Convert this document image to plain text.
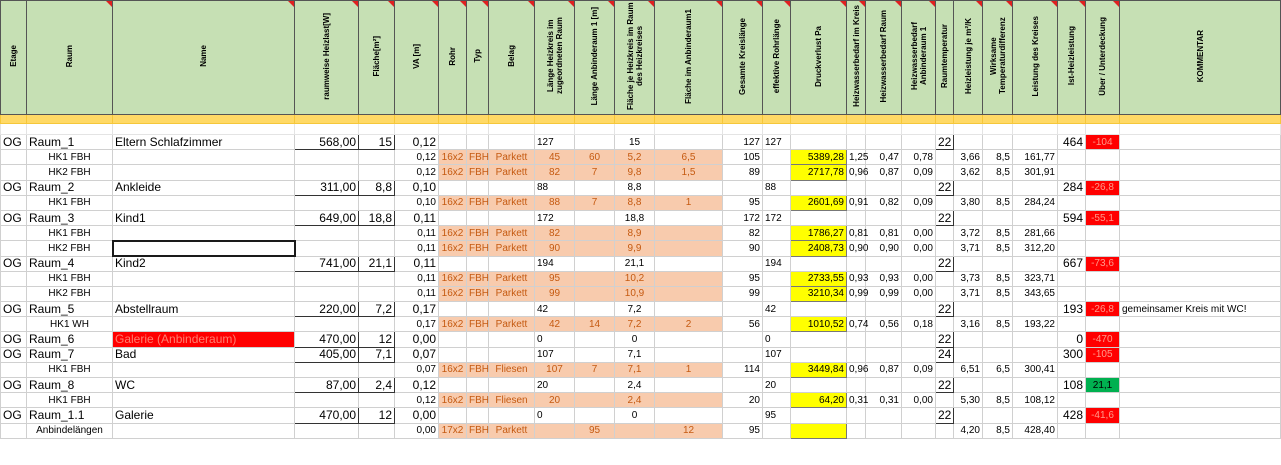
Etage	Raum	Name	raumweise Heizlast[W]	Fläche[m²]	VA [m]	Rohr	Typ	Belag	Länge Heizkreis im zugeordneten Raum	Länge Anbinderaum 1 [m]	Fläche je Heizkreis im Raum des Heizkreises	Fläche im Anbinderaum1	Gesamte Kreislänge	effektive Rohrlänge	Druckverlust Pa	Heizwasserbedarf im Kreis	Heizwasserbedarf Raum	Heizwasserbedarf Anbinderaum 1	Raumtemperatur	Heizleistung je m²/K	Wirksame Temperaturdifferenz	Leistung des Kreises	Ist-Heizleistung	Über / Unterdeckung	KOMMENTAR

OG	Raum_1	Eltern Schlafzimmer	568,00	15	0,12				127		15		127	127					22				464	-104	
	HK1 FBH				0,12	16x2	FBH	Parkett	45	60	5,2	6,5	105		5389,28	1,25	0,47	0,78		3,66	8,5	161,77			
	HK2 FBH				0,12	16x2	FBH	Parkett	82	7	9,8	1,5	89		2717,78	0,96	0,87	0,09		3,62	8,5	301,91			
OG	Raum_2	Ankleide	311,00	8,8	0,10				88		8,8			88					22				284	-26,8	
	HK1 FBH				0,10	16x2	FBH	Parkett	88	7	8,8	1	95		2601,69	0,91	0,82	0,09		3,80	8,5	284,24			
OG	Raum_3	Kind1	649,00	18,8	0,11				172		18,8		172	172					22				594	-55,1	
	HK1 FBH				0,11	16x2	FBH	Parkett	82		8,9		82		1786,27	0,81	0,81	0,00		3,72	8,5	281,66			
	HK2 FBH				0,11	16x2	FBH	Parkett	90		9,9		90		2408,73	0,90	0,90	0,00		3,71	8,5	312,20			
OG	Raum_4	Kind2	741,00	21,1	0,11				194		21,1			194					22				667	-73,6	
	HK1 FBH				0,11	16x2	FBH	Parkett	95		10,2		95		2733,55	0,93	0,93	0,00		3,73	8,5	323,71			
	HK2 FBH				0,11	16x2	FBH	Parkett	99		10,9		99		3210,34	0,99	0,99	0,00		3,71	8,5	343,65			
OG	Raum_5	Abstellraum	220,00	7,2	0,17				42		7,2			42					22				193	-26,8	gemeinsamer Kreis mit WC!
	HK1 WH				0,17	16x2	FBH	Parkett	42	14	7,2	2	56		1010,52	0,74	0,56	0,18		3,16	8,5	193,22			
OG	Raum_6	Galerie (Anbinderaum)	470,00	12	0,00				0		0			0					22				0	-470	
OG	Raum_7	Bad	405,00	7,1	0,07				107		7,1			107					24				300	-105	
	HK1 FBH				0,07	16x2	FBH	Fliesen	107	7	7,1	1	114		3449,84	0,96	0,87	0,09		6,51	6,5	300,41			
OG	Raum_8	WC	87,00	2,4	0,12				20		2,4			20					22				108	21,1	
	HK1 FBH				0,12	16x2	FBH	Fliesen	20		2,4		20		64,20	0,31	0,31	0,00		5,30	8,5	108,12			
OG	Raum_1.1	Galerie	470,00	12	0,00				0		0			95					22				428	-41,6	
	Anbindelängen				0,00	17x2	FBH	Parkett		95		12	95							4,20	8,5	428,40			
